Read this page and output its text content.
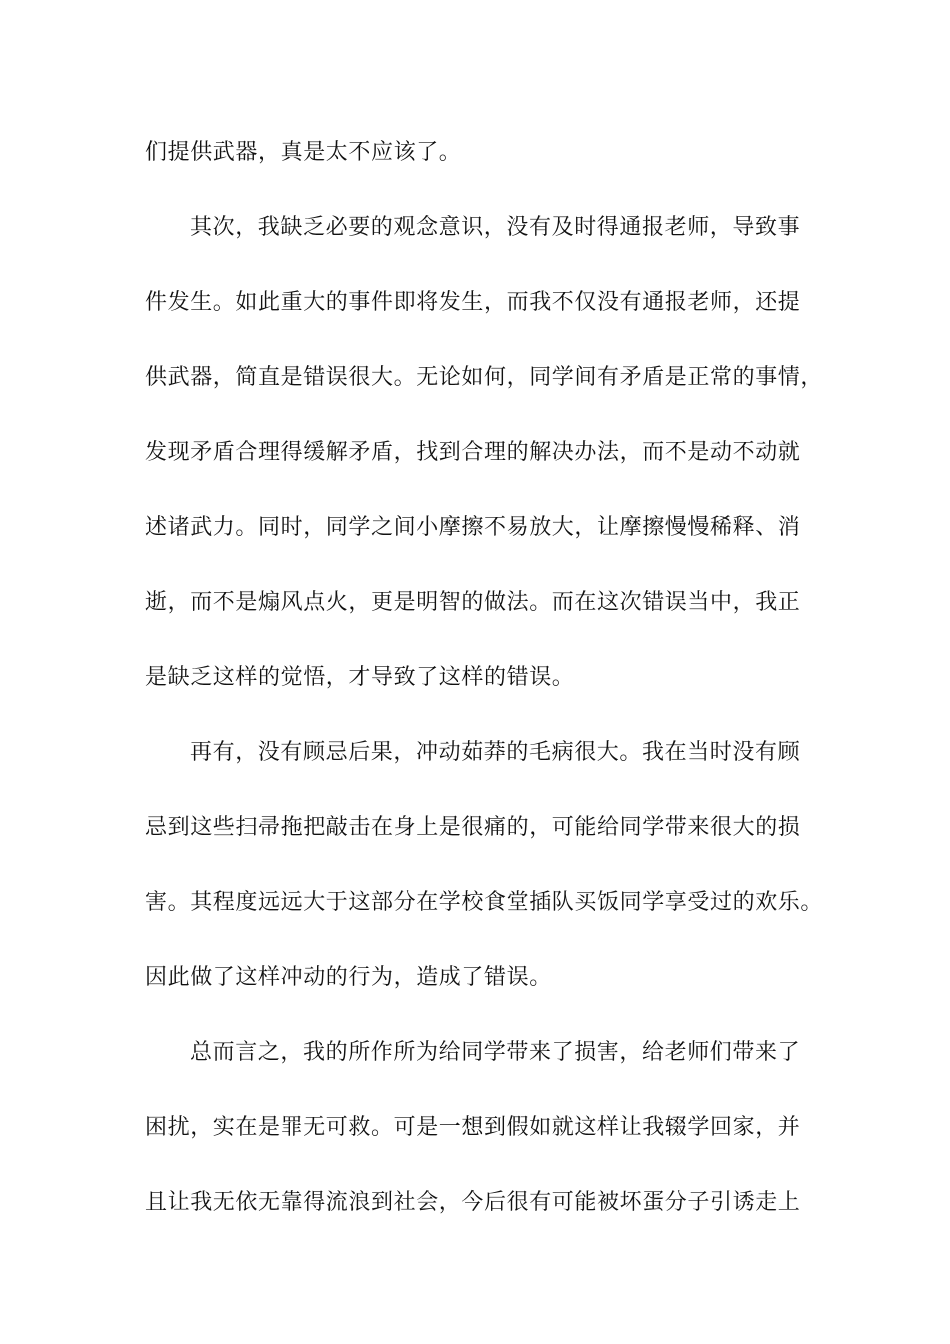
们提供武器，真是太不应该了。
其次，我缺乏必要的观念意识，没有及时得通报老师，导致事
件发生。如此重大的事件即将发生，而我不仅没有通报老师，还提
供武器，简直是错误很大。无论如何，同学间有矛盾是正常的事情，
发现矛盾合理得缓解矛盾，找到合理的解决办法，而不是动不动就
述诸武力。同时，同学之间小摩擦不易放大，让摩擦慢慢稀释、消
逝，而不是煽风点火，更是明智的做法。而在这次错误当中，我正
是缺乏这样的觉悟，才导致了这样的错误。
再有，没有顾忌后果，冲动茹莽的毛病很大。我在当时没有顾
忌到这些扫帚拖把敲击在身上是很痛的，可能给同学带来很大的损
害。其程度远远大于这部分在学校食堂插队买饭同学享受过的欢乐。
因此做了这样冲动的行为，造成了错误。
总而言之，我的所作所为给同学带来了损害，给老师们带来了
困扰，实在是罪无可救。可是一想到假如就这样让我辍学回家，并
且让我无依无靠得流浪到社会，今后很有可能被坏蛋分子引诱走上
